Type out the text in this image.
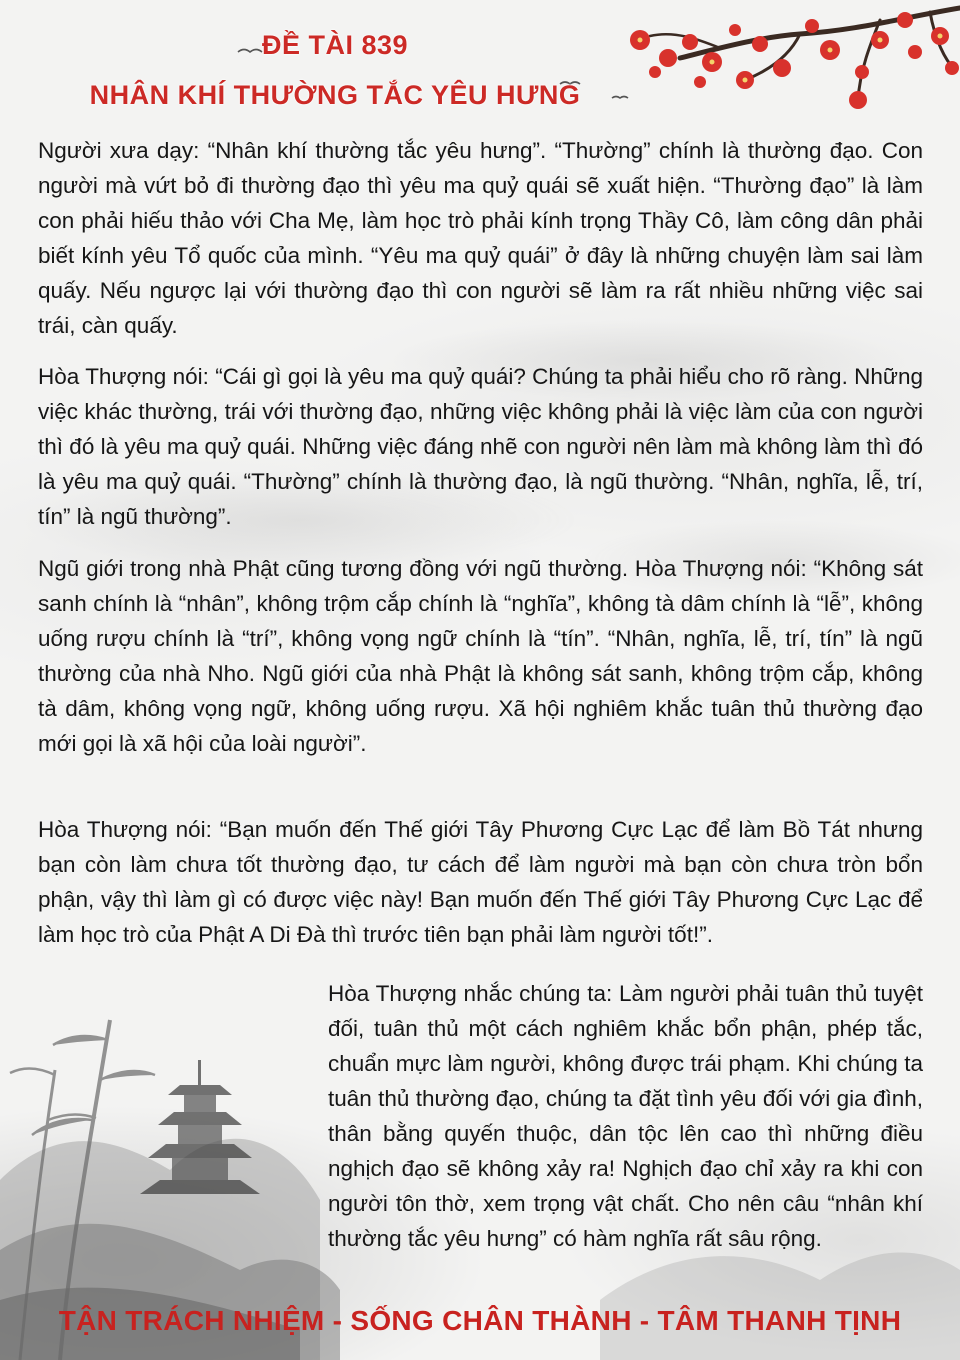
ĐỀ TÀI 839
NHÂN KHÍ THƯỜNG TẮC YÊU HƯNG

Người xưa dạy: “Nhân khí thường tắc yêu hưng”. “Thường” chính là thường đạo. Con người mà vứt bỏ đi thường đạo thì yêu ma quỷ quái sẽ xuất hiện. “Thường đạo” là làm con phải hiếu thảo với Cha Mẹ, làm học trò phải kính trọng Thầy Cô, làm công dân phải biết kính yêu Tổ quốc của mình. “Yêu ma quỷ quái” ở đây là những chuyện làm sai làm quấy. Nếu ngược lại với thường đạo thì con người sẽ làm ra rất nhiều những việc sai trái, càn quấy.

Hòa Thượng nói: “Cái gì gọi là yêu ma quỷ quái? Chúng ta phải hiểu cho rõ ràng. Những việc khác thường, trái với thường đạo, những việc không phải là việc làm của con người thì đó là yêu ma quỷ quái. Những việc đáng nhẽ con người nên làm mà không làm thì đó là yêu ma quỷ quái. “Thường” chính là thường đạo, là ngũ thường. “Nhân, nghĩa, lễ, trí, tín” là ngũ thường”.

Ngũ giới trong nhà Phật cũng tương đồng với ngũ thường. Hòa Thượng nói: “Không sát sanh chính là “nhân”, không trộm cắp chính là “nghĩa”, không tà dâm chính là “lễ”, không uống rượu chính là “trí”, không vọng ngữ chính là “tín”. “Nhân, nghĩa, lễ, trí, tín” là ngũ thường của nhà Nho. Ngũ giới của nhà Phật là không sát sanh, không trộm cắp, không tà dâm, không vọng ngữ, không uống rượu. Xã hội nghiêm khắc tuân thủ thường đạo mới gọi là xã hội của loài người”.

Hòa Thượng nói: “Bạn muốn đến Thế giới Tây Phương Cực Lạc để làm Bồ Tát nhưng bạn còn làm chưa tốt thường đạo, tư cách để làm người mà bạn còn chưa tròn bổn phận, vậy thì làm gì có được việc này! Bạn muốn đến Thế giới Tây Phương Cực Lạc để làm học trò của Phật A Di Đà thì trước tiên bạn phải làm người tốt!”.

Hòa Thượng nhắc chúng ta: Làm người phải tuân thủ tuyệt đối, tuân thủ một cách nghiêm khắc bổn phận, phép tắc, chuẩn mực làm người, không được trái phạm. Khi chúng ta tuân thủ thường đạo, chúng ta đặt tình yêu đối với gia đình, thân bằng quyến thuộc, dân tộc lên cao thì những điều nghịch đạo sẽ không xảy ra! Nghịch đạo chỉ xảy ra khi con người tôn thờ, xem trọng vật chất. Cho nên câu “nhân khí thường tắc yêu hưng” có hàm nghĩa rất sâu rộng.

TẬN TRÁCH NHIỆM - SỐNG CHÂN THÀNH - TÂM THANH TỊNH
